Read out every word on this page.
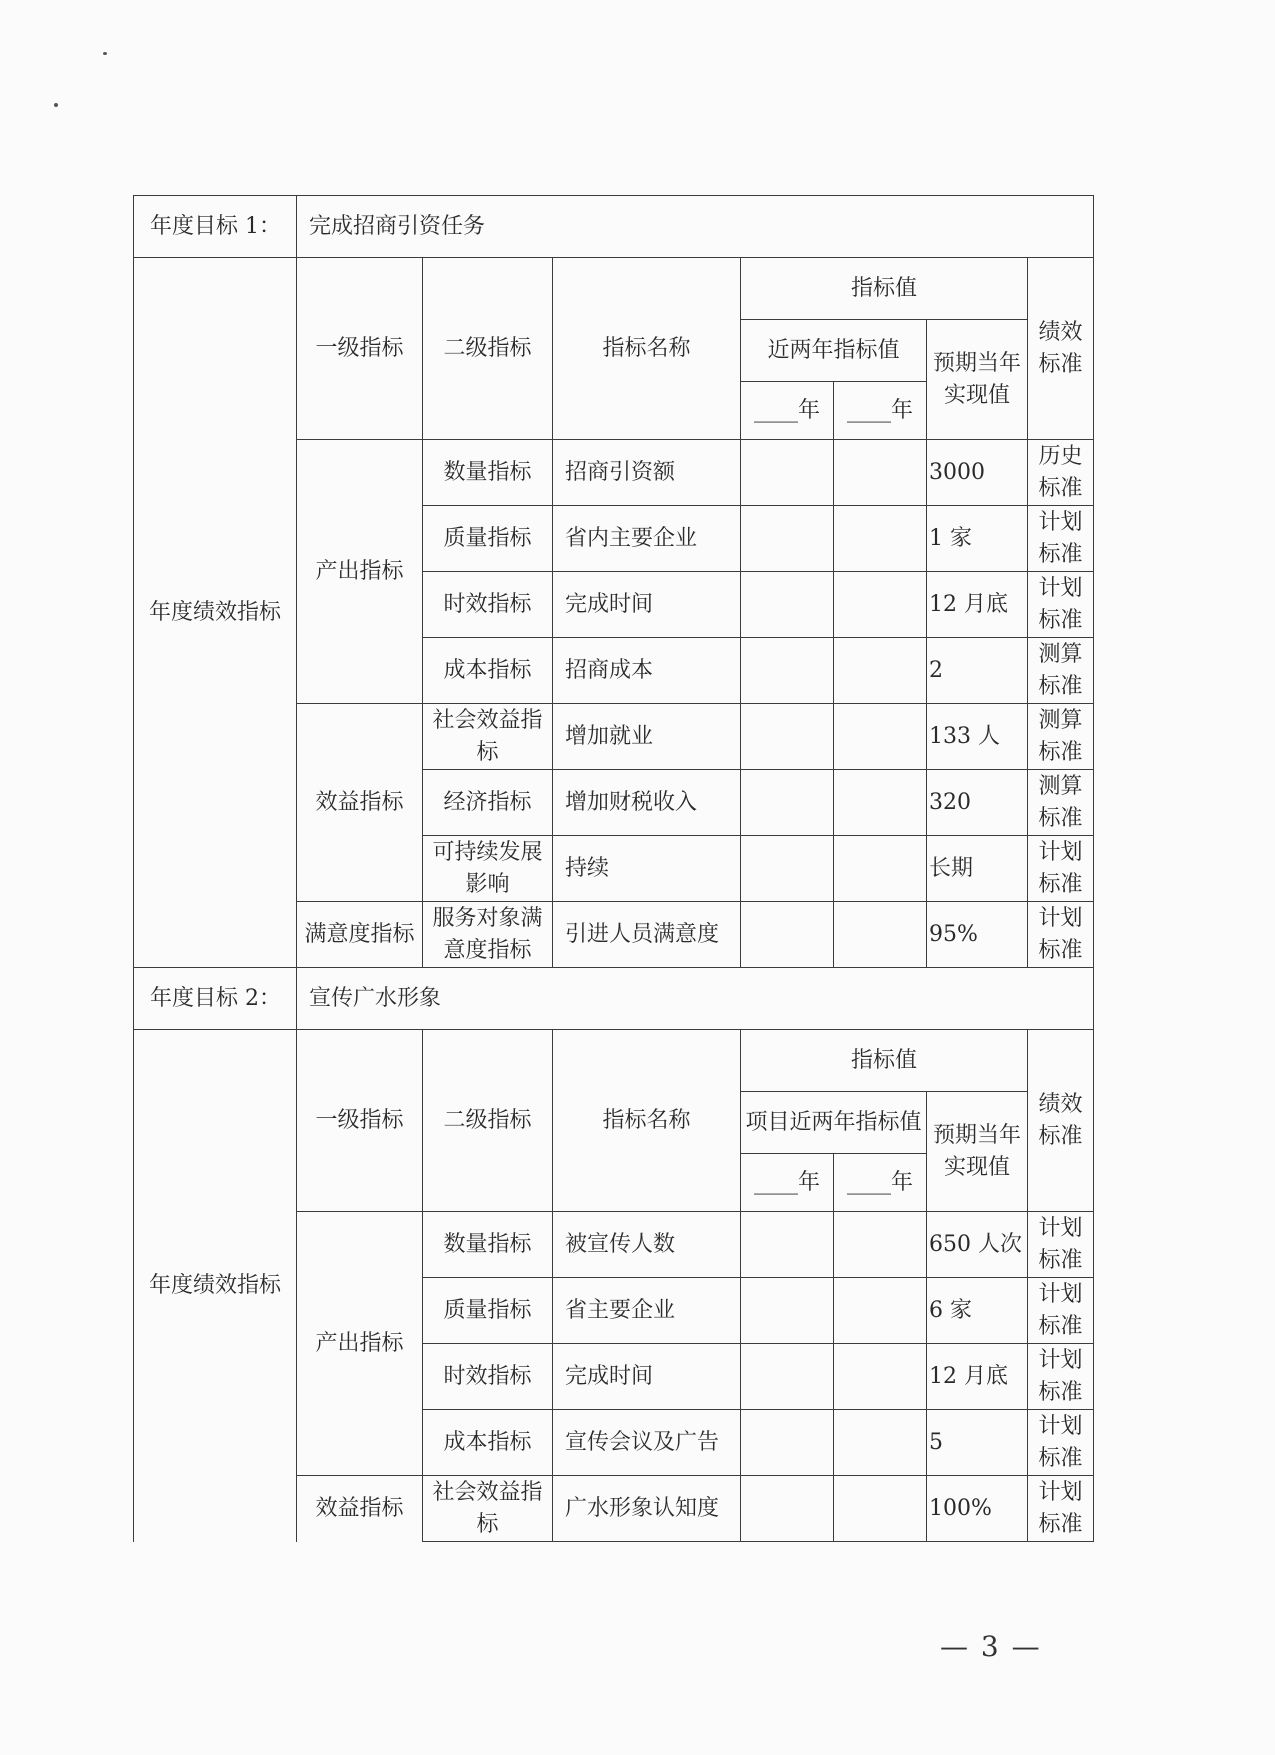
年度目标 1：	完成招商引资任务						
年度绩效指标	一级指标	二级指标	指标名称	指标值			绩效标准
				近两年指标值		预期当年实现值	
				____年	____年		
	产出指标	数量指标	招商引资额			3000	历史标准
		质量指标	省内主要企业			1 家	计划标准
		时效指标	完成时间			12 月底	计划标准
		成本指标	招商成本			2	测算标准
	效益指标	社会效益指标	增加就业			133 人	测算标准
		经济指标	增加财税收入			320	测算标准
		可持续发展影响	持续			长期	计划标准
	满意度指标	服务对象满意度指标	引进人员满意度			95%	计划标准
年度目标 2：	宣传广水形象						
年度绩效指标	一级指标	二级指标	指标名称	指标值			绩效标准
				项目近两年指标值		预期当年实现值	
				____年	____年		
	产出指标	数量指标	被宣传人数			650 人次	计划标准
		质量指标	省主要企业			6 家	计划标准
		时效指标	完成时间			12 月底	计划标准
		成本指标	宣传会议及广告			5	计划标准
	效益指标	社会效益指标	广水形象认知度			100%	计划标准
— 3 —
